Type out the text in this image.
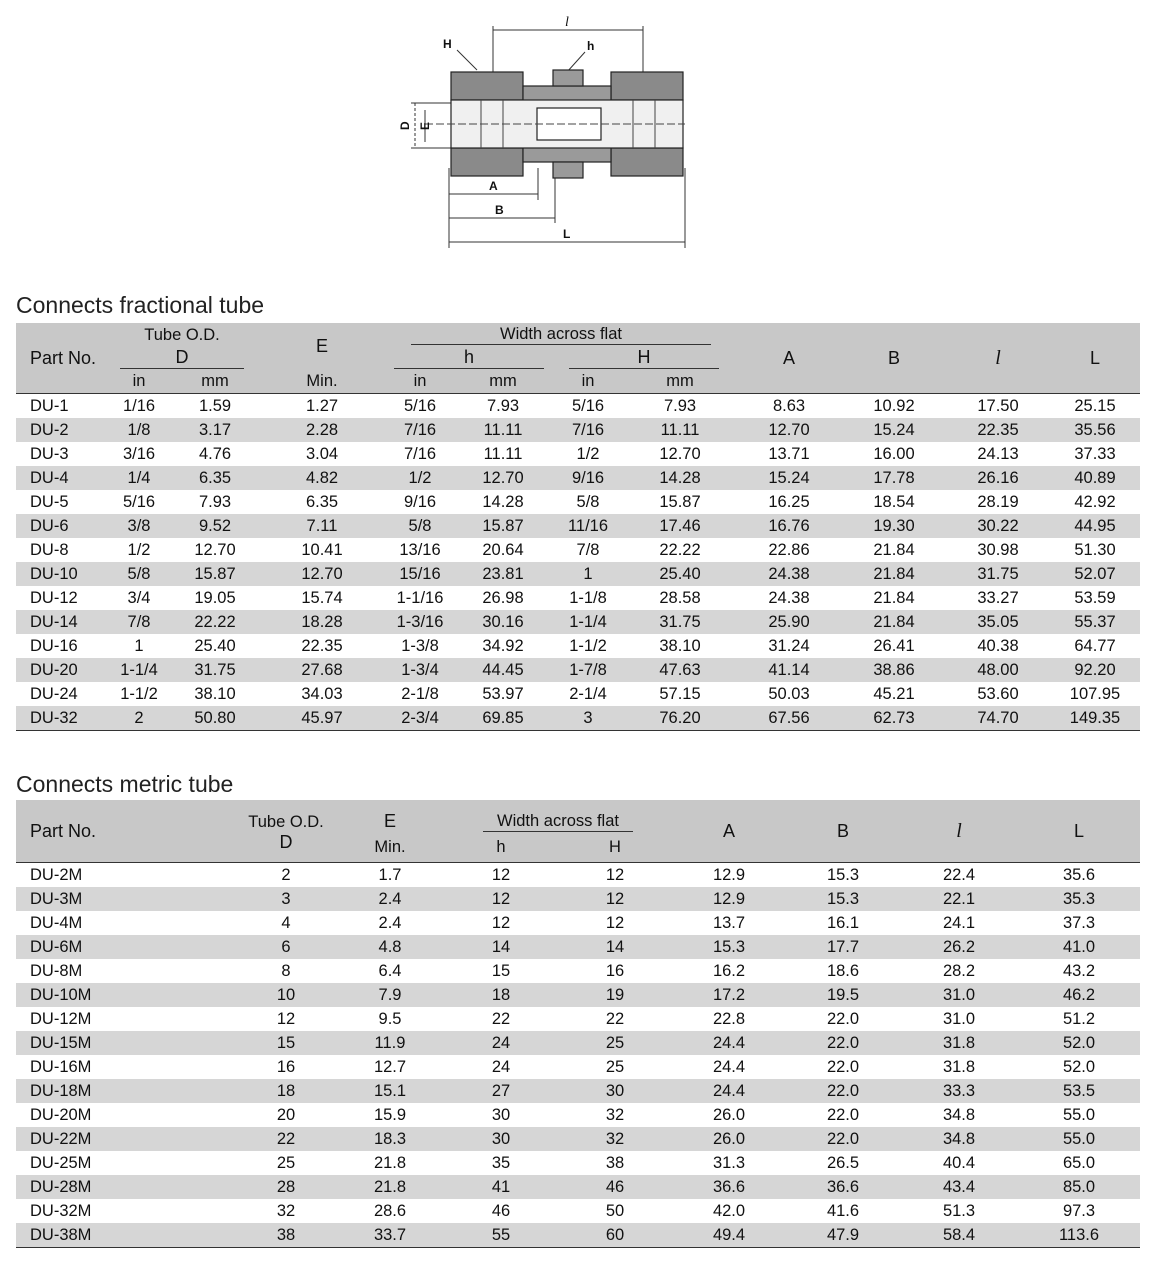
l
H	h
D E
A
B
L
Connects fractional tube
Part No.	Tube O.D.		E	Width across flat				A	B	l	L
	D			h		H					
	in	mm	Min.	in	mm	in	mm				
DU-1	1/16	1.59	1.27	5/16	7.93	5/16	7.93	8.63	10.92	17.50	25.15
DU-2	1/8	3.17	2.28	7/16	11.11	7/16	11.11	12.70	15.24	22.35	35.56
DU-3	3/16	4.76	3.04	7/16	11.11	1/2	12.70	13.71	16.00	24.13	37.33
DU-4	1/4	6.35	4.82	1/2	12.70	9/16	14.28	15.24	17.78	26.16	40.89
DU-5	5/16	7.93	6.35	9/16	14.28	5/8	15.87	16.25	18.54	28.19	42.92
DU-6	3/8	9.52	7.11	5/8	15.87	11/16	17.46	16.76	19.30	30.22	44.95
DU-8	1/2	12.70	10.41	13/16	20.64	7/8	22.22	22.86	21.84	30.98	51.30
DU-10	5/8	15.87	12.70	15/16	23.81	1	25.40	24.38	21.84	31.75	52.07
DU-12	3/4	19.05	15.74	1-1/16	26.98	1-1/8	28.58	24.38	21.84	33.27	53.59
DU-14	7/8	22.22	18.28	1-3/16	30.16	1-1/4	31.75	25.90	21.84	35.05	55.37
DU-16	1	25.40	22.35	1-3/8	34.92	1-1/2	38.10	31.24	26.41	40.38	64.77
DU-20	1-1/4	31.75	27.68	1-3/4	44.45	1-7/8	47.63	41.14	38.86	48.00	92.20
DU-24	1-1/2	38.10	34.03	2-1/8	53.97	2-1/4	57.15	50.03	45.21	53.60	107.95
DU-32	2	50.80	45.97	2-3/4	69.85	3	76.20	67.56	62.73	74.70	149.35
Connects metric tube
Part No.	Tube O.D.	E	Width across flat		A	B	l	L
	D	Min.	h	H				
DU-2M	2	1.7	12	12	12.9	15.3	22.4	35.6
DU-3M	3	2.4	12	12	12.9	15.3	22.1	35.3
DU-4M	4	2.4	12	12	13.7	16.1	24.1	37.3
DU-6M	6	4.8	14	14	15.3	17.7	26.2	41.0
DU-8M	8	6.4	15	16	16.2	18.6	28.2	43.2
DU-10M	10	7.9	18	19	17.2	19.5	31.0	46.2
DU-12M	12	9.5	22	22	22.8	22.0	31.0	51.2
DU-15M	15	11.9	24	25	24.4	22.0	31.8	52.0
DU-16M	16	12.7	24	25	24.4	22.0	31.8	52.0
DU-18M	18	15.1	27	30	24.4	22.0	33.3	53.5
DU-20M	20	15.9	30	32	26.0	22.0	34.8	55.0
DU-22M	22	18.3	30	32	26.0	22.0	34.8	55.0
DU-25M	25	21.8	35	38	31.3	26.5	40.4	65.0
DU-28M	28	21.8	41	46	36.6	36.6	43.4	85.0
DU-32M	32	28.6	46	50	42.0	41.6	51.3	97.3
DU-38M	38	33.7	55	60	49.4	47.9	58.4	113.6
